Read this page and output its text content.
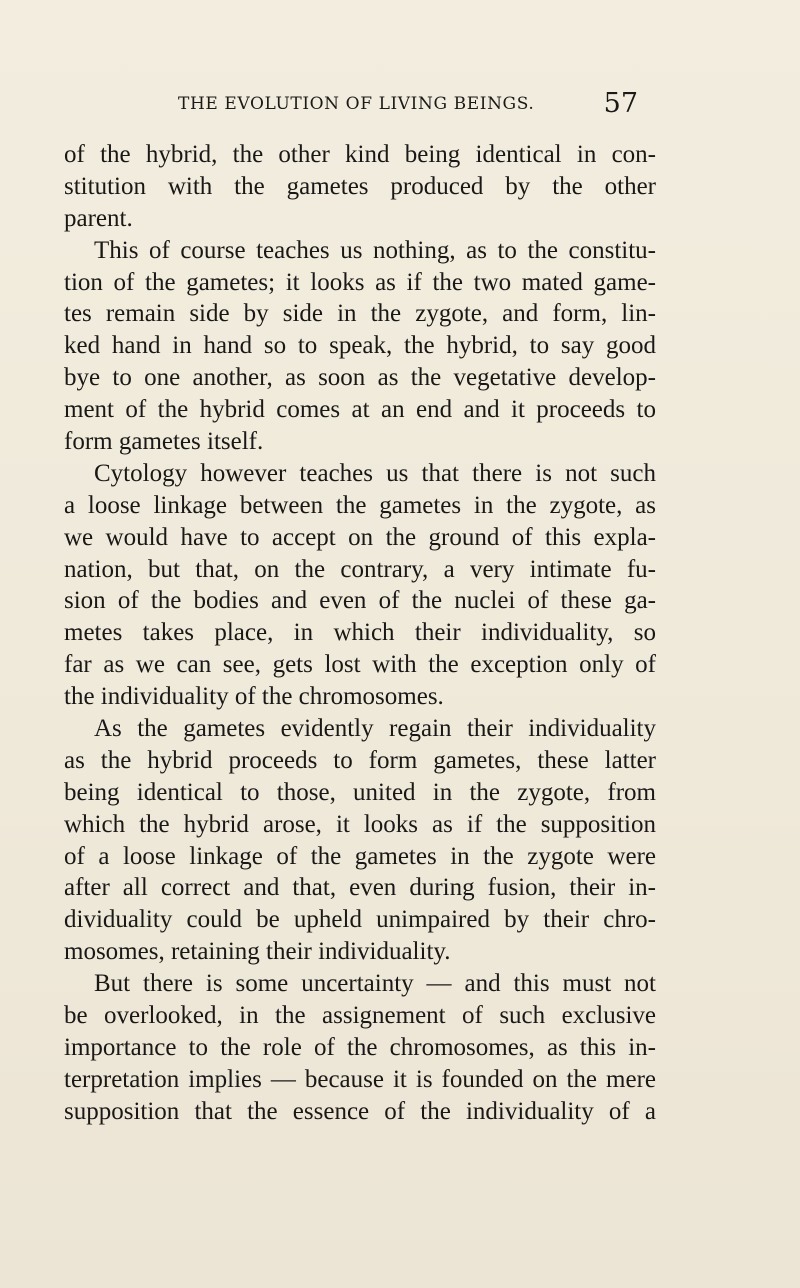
THE EVOLUTION OF LIVING BEINGS.	57
of the hybrid, the other kind being identical in con-
stitution with the gametes produced by the other
parent.
This of course teaches us nothing, as to the constitu-
tion of the gametes; it looks as if the two mated game-
tes remain side by side in the zygote, and form, lin-
ked hand in hand so to speak, the hybrid, to say good
bye to one another, as soon as the vegetative develop-
ment of the hybrid comes at an end and it proceeds to
form gametes itself.
Cytology however teaches us that there is not such
a loose linkage between the gametes in the zygote, as
we would have to accept on the ground of this expla-
nation, but that, on the contrary, a very intimate fu-
sion of the bodies and even of the nuclei of these ga-
metes takes place, in which their individuality, so
far as we can see, gets lost with the exception only of
the individuality of the chromosomes.
As the gametes evidently regain their individuality
as the hybrid proceeds to form gametes, these latter
being identical to those, united in the zygote, from
which the hybrid arose, it looks as if the supposition
of a loose linkage of the gametes in the zygote were
after all correct and that, even during fusion, their in-
dividuality could be upheld unimpaired by their chro-
mosomes, retaining their individuality.
But there is some uncertainty — and this must not
be overlooked, in the assignement of such exclusive
importance to the role of the chromosomes, as this in-
terpretation implies — because it is founded on the mere
supposition that the essence of the individuality of a
